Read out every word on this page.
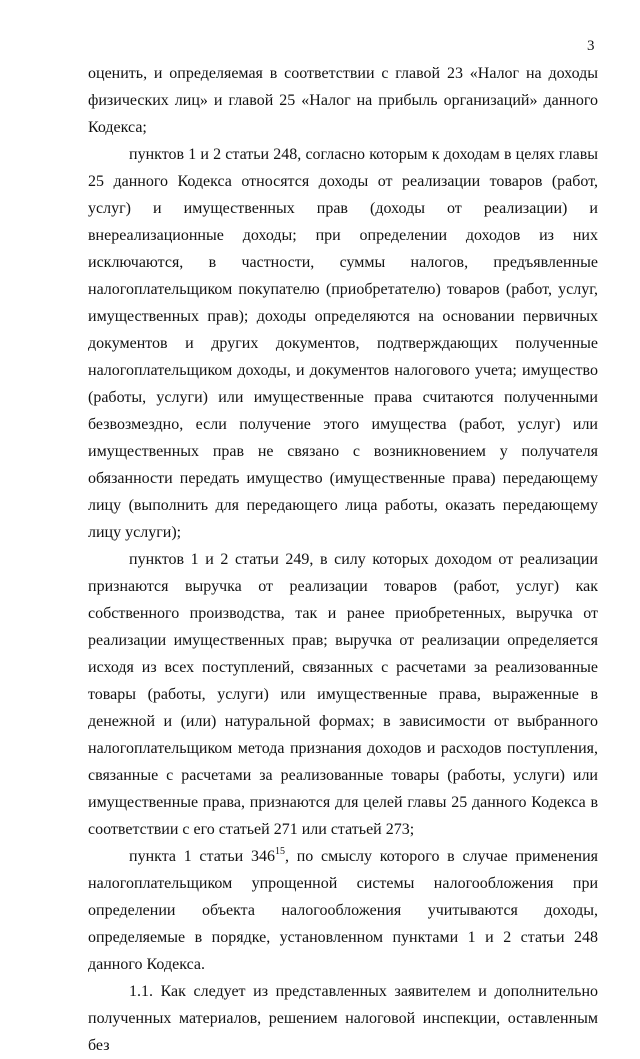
3

оценить, и определяемая в соответствии с главой 23 «Налог на доходы физических лиц» и главой 25 «Налог на прибыль организаций» данного Кодекса;

пунктов 1 и 2 статьи 248, согласно которым к доходам в целях главы 25 данного Кодекса относятся доходы от реализации товаров (работ, услуг) и имущественных прав (доходы от реализации) и внереализационные доходы; при определении доходов из них исключаются, в частности, суммы налогов, предъявленные налогоплательщиком покупателю (приобретателю) товаров (работ, услуг, имущественных прав); доходы определяются на основании первичных документов и других документов, подтверждающих полученные налогоплательщиком доходы, и документов налогового учета; имущество (работы, услуги) или имущественные права считаются полученными безвозмездно, если получение этого имущества (работ, услуг) или имущественных прав не связано с возникновением у получателя обязанности передать имущество (имущественные права) передающему лицу (выполнить для передающего лица работы, оказать передающему лицу услуги);

пунктов 1 и 2 статьи 249, в силу которых доходом от реализации признаются выручка от реализации товаров (работ, услуг) как собственного производства, так и ранее приобретенных, выручка от реализации имущественных прав; выручка от реализации определяется исходя из всех поступлений, связанных с расчетами за реализованные товары (работы, услуги) или имущественные права, выраженные в денежной и (или) натуральной формах; в зависимости от выбранного налогоплательщиком метода признания доходов и расходов поступления, связанные с расчетами за реализованные товары (работы, услуги) или имущественные права, признаются для целей главы 25 данного Кодекса в соответствии с его статьей 271 или статьей 273;

пункта 1 статьи $346^{15}$, по смыслу которого в случае применения налогоплательщиком упрощенной системы налогообложения при определении объекта налогообложения учитываются доходы, определяемые в порядке, установленном пунктами 1 и 2 статьи 248 данного Кодекса.

1.1. Как следует из представленных заявителем и дополнительно полученных материалов, решением налоговой инспекции, оставленным без
